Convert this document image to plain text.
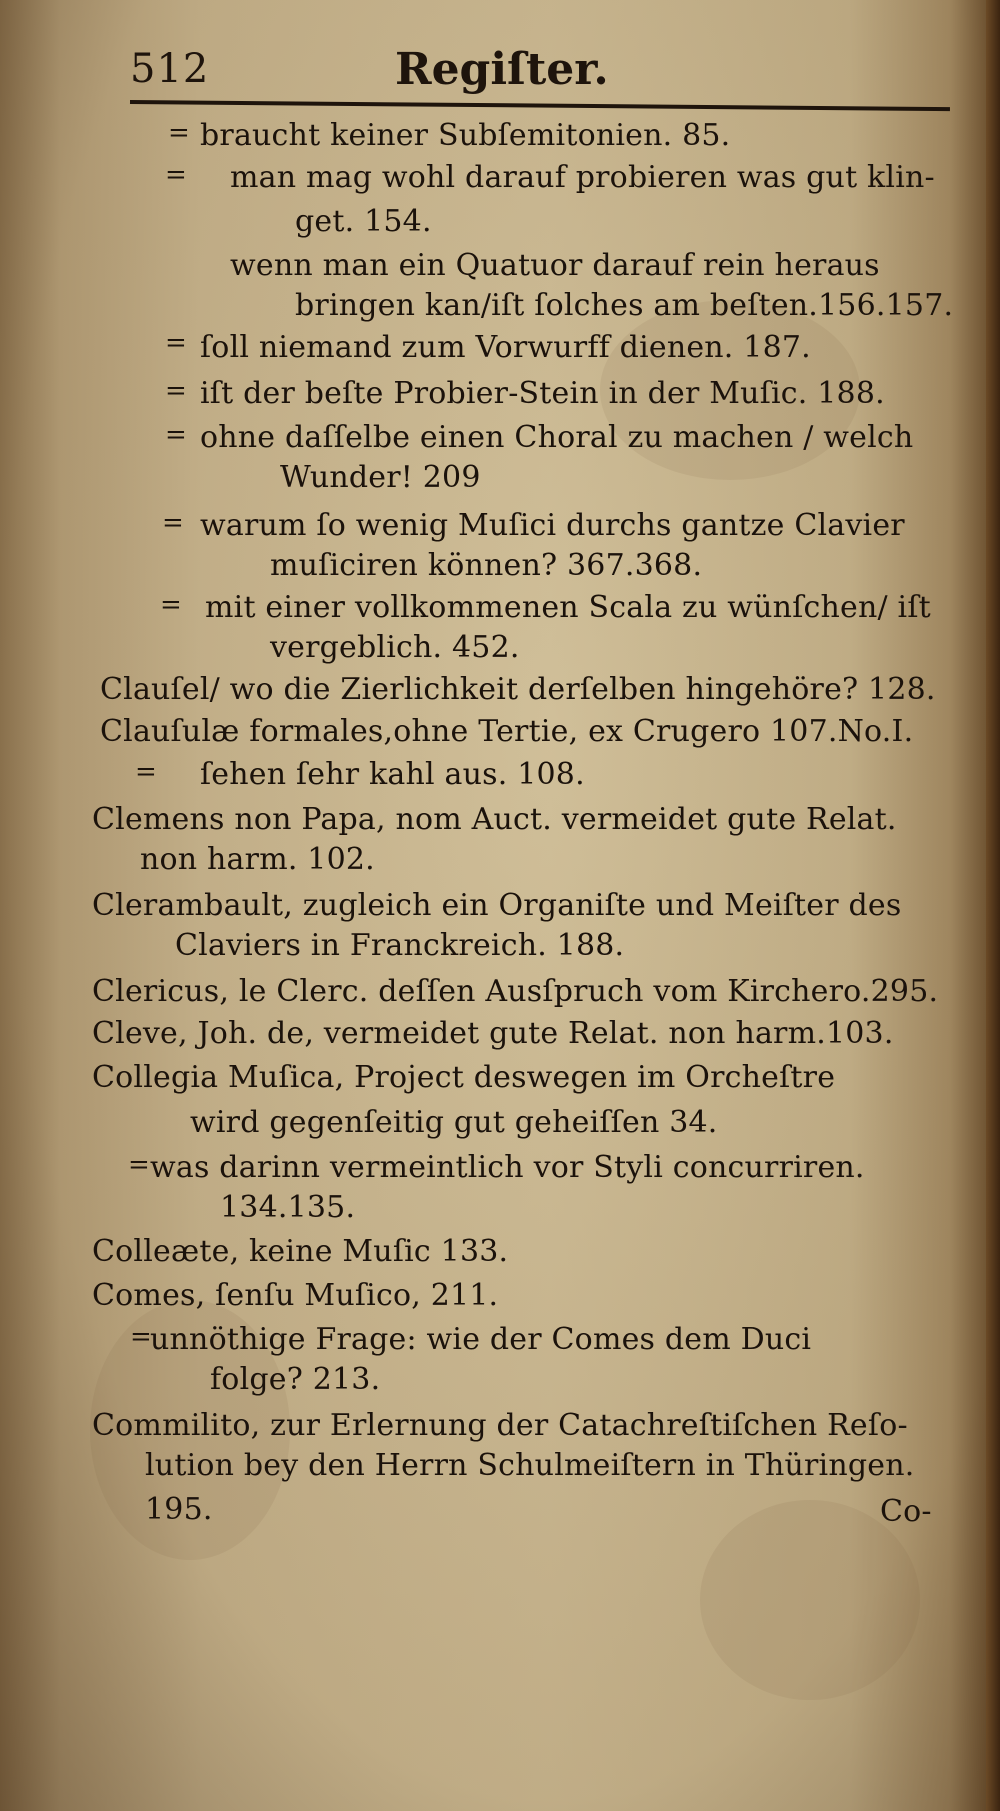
512	Regiſter.
=
=
=
=
=
=
=
=
=
=
braucht keiner Subſemitonien. 85.
man mag wohl darauf probieren was gut klin-
get. 154.
wenn man ein Quatuor darauf rein heraus
bringen kan/iſt ſolches am beſten.156.157.
ſoll niemand zum Vorwurff dienen. 187.
iſt der beſte Probier-Stein in der Muſic. 188.
ohne daſſelbe einen Choral zu machen / welch
Wunder! 209
warum ſo wenig Muſici durchs gantze Clavier
muſiciren können? 367.368.
mit einer vollkommenen Scala zu wünſchen/ iſt
vergeblich. 452.
Clauſel/ wo die Zierlichkeit derſelben hingehöre? 128.
Clauſulæ formales,ohne Tertie, ex Crugero 107.No.I.
ſehen ſehr kahl aus. 108.
Clemens non Papa, nom Auct. vermeidet gute Relat.
non harm. 102.
Clerambault, zugleich ein Organiſte und Meiſter des
Claviers in Franckreich. 188.
Clericus, le Clerc. deſſen Ausſpruch vom Kirchero.295.
Cleve, Joh. de, vermeidet gute Relat. non harm.103.
Collegia Muſica, Project deswegen im Orcheſtre
wird gegenſeitig gut geheiſſen 34.
was darinn vermeintlich vor Styli concurriren.
134.135.
Colleæte, keine Muſic 133.
Comes, ſenſu Muſico, 211.
unnöthige Frage: wie der Comes dem Duci
folge? 213.
Commilito, zur Erlernung der Catachreſtiſchen Reſo-
lution bey den Herrn Schulmeiſtern in Thüringen.
195.	Co-
